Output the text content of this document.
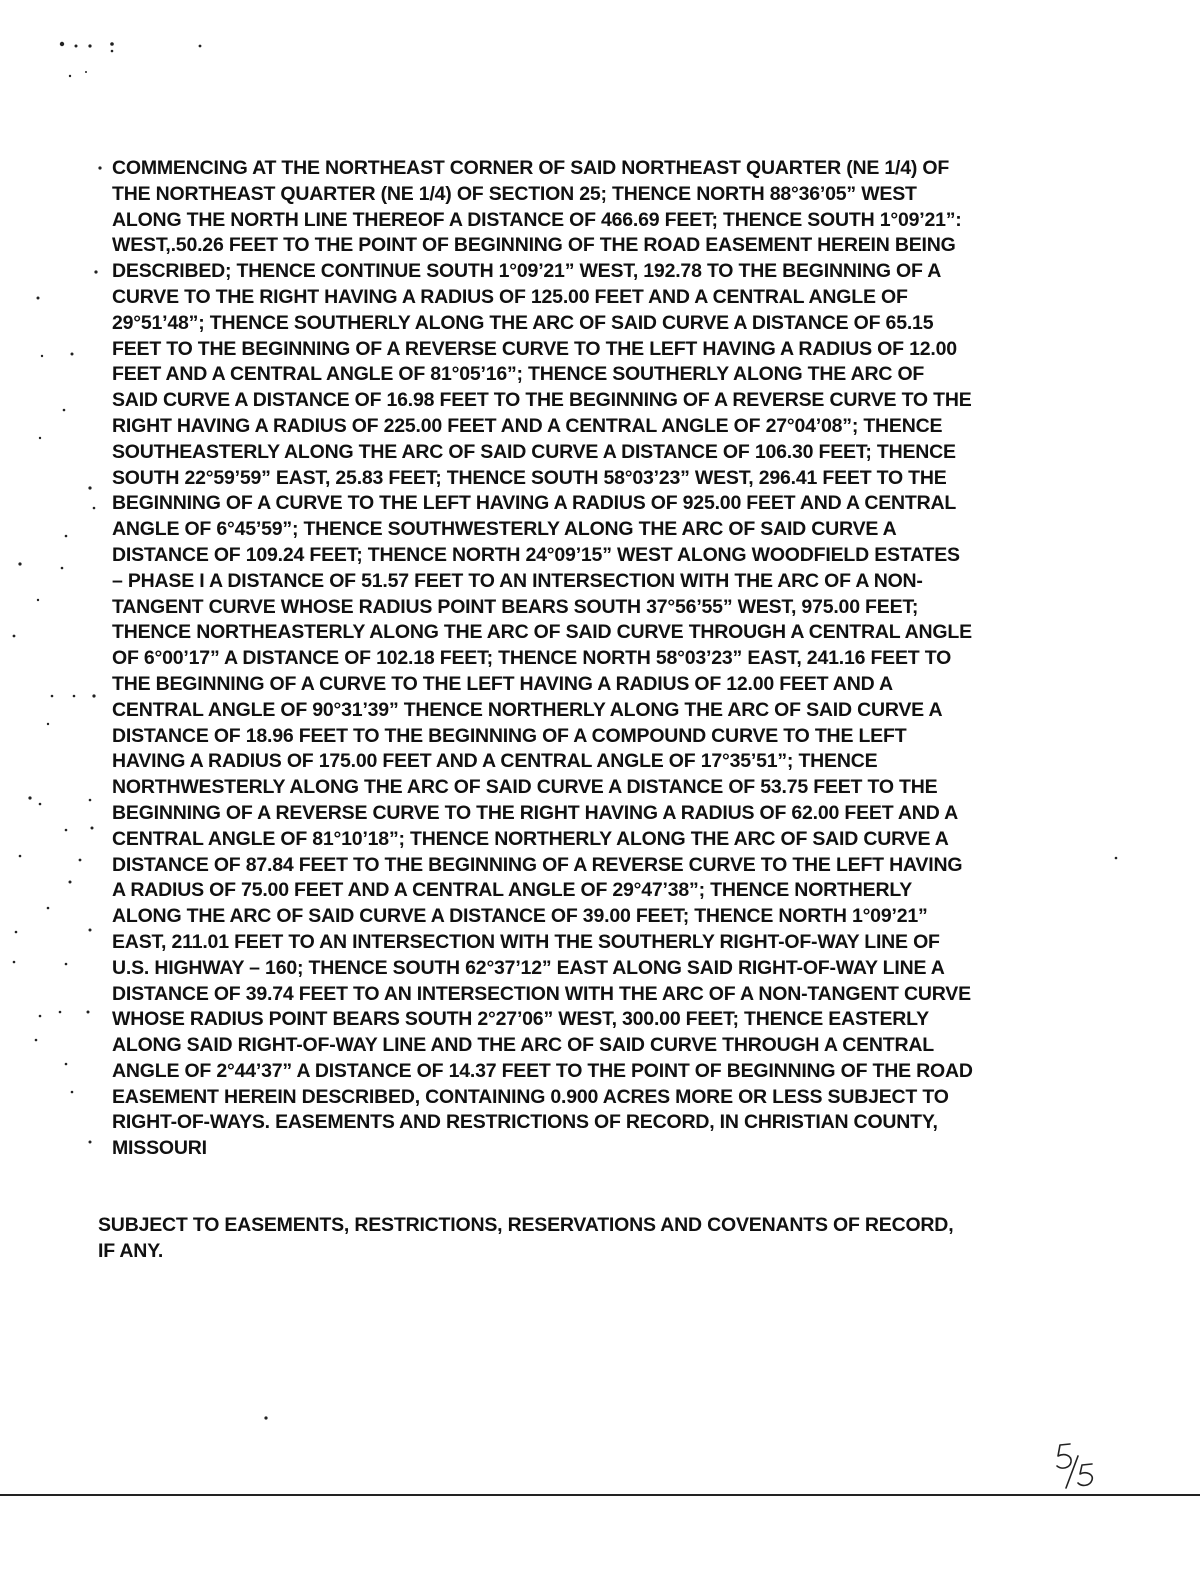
COMMENCING AT THE NORTHEAST CORNER OF SAID NORTHEAST QUARTER (NE 1/4) OF
THE NORTHEAST QUARTER (NE 1/4) OF SECTION 25; THENCE NORTH 88°36’05” WEST
ALONG THE NORTH LINE THEREOF A DISTANCE OF 466.69 FEET; THENCE SOUTH 1°09’21”:
WEST,.50.26 FEET TO THE POINT OF BEGINNING OF THE ROAD EASEMENT HEREIN BEING
DESCRIBED; THENCE CONTINUE SOUTH 1°09’21” WEST, 192.78 TO THE BEGINNING OF A
CURVE TO THE RIGHT HAVING A RADIUS OF 125.00 FEET AND A CENTRAL ANGLE OF
29°51’48”; THENCE SOUTHERLY ALONG THE ARC OF SAID CURVE A DISTANCE OF 65.15
FEET TO THE BEGINNING OF A REVERSE CURVE TO THE LEFT HAVING A RADIUS OF 12.00
FEET AND A CENTRAL ANGLE OF 81°05’16”; THENCE SOUTHERLY ALONG THE ARC OF
SAID CURVE A DISTANCE OF 16.98 FEET TO THE BEGINNING OF A REVERSE CURVE TO THE
RIGHT HAVING A RADIUS OF 225.00 FEET AND A CENTRAL ANGLE OF 27°04’08”; THENCE
SOUTHEASTERLY ALONG THE ARC OF SAID CURVE A DISTANCE OF 106.30 FEET; THENCE
SOUTH 22°59’59” EAST, 25.83 FEET; THENCE SOUTH 58°03’23” WEST, 296.41 FEET TO THE
BEGINNING OF A CURVE TO THE LEFT HAVING A RADIUS OF 925.00 FEET AND A CENTRAL
ANGLE OF 6°45’59”; THENCE SOUTHWESTERLY ALONG THE ARC OF SAID CURVE A
DISTANCE OF 109.24 FEET; THENCE NORTH 24°09’15” WEST ALONG WOODFIELD ESTATES
– PHASE I A DISTANCE OF 51.57 FEET TO AN INTERSECTION WITH THE ARC OF A NON-
TANGENT CURVE WHOSE RADIUS POINT BEARS SOUTH 37°56’55” WEST, 975.00 FEET;
THENCE NORTHEASTERLY ALONG THE ARC OF SAID CURVE THROUGH A CENTRAL ANGLE
OF 6°00’17” A DISTANCE OF 102.18 FEET; THENCE NORTH 58°03’23” EAST, 241.16 FEET TO
THE BEGINNING OF A CURVE TO THE LEFT HAVING A RADIUS OF 12.00 FEET AND A
CENTRAL ANGLE OF 90°31’39” THENCE NORTHERLY ALONG THE ARC OF SAID CURVE A
DISTANCE OF 18.96 FEET TO THE BEGINNING OF A COMPOUND CURVE TO THE LEFT
HAVING A RADIUS OF 175.00 FEET AND A CENTRAL ANGLE OF 17°35’51”; THENCE
NORTHWESTERLY ALONG THE ARC OF SAID CURVE A DISTANCE OF 53.75 FEET TO THE
BEGINNING OF A REVERSE CURVE TO THE RIGHT HAVING A RADIUS OF 62.00 FEET AND A
CENTRAL ANGLE OF 81°10’18”; THENCE NORTHERLY ALONG THE ARC OF SAID CURVE A
DISTANCE OF 87.84 FEET TO THE BEGINNING OF A REVERSE CURVE TO THE LEFT HAVING
A RADIUS OF 75.00 FEET AND A CENTRAL ANGLE OF 29°47’38”; THENCE NORTHERLY
ALONG THE ARC OF SAID CURVE A DISTANCE OF 39.00 FEET; THENCE NORTH 1°09’21”
EAST, 211.01 FEET TO AN INTERSECTION WITH THE SOUTHERLY RIGHT-OF-WAY LINE OF
U.S. HIGHWAY – 160; THENCE SOUTH 62°37’12” EAST ALONG SAID RIGHT-OF-WAY LINE A
DISTANCE OF 39.74 FEET TO AN INTERSECTION WITH THE ARC OF A NON-TANGENT CURVE
WHOSE RADIUS POINT BEARS SOUTH 2°27’06” WEST, 300.00 FEET; THENCE EASTERLY
ALONG SAID RIGHT-OF-WAY LINE AND THE ARC OF SAID CURVE THROUGH A CENTRAL
ANGLE OF 2°44’37” A DISTANCE OF 14.37 FEET TO THE POINT OF BEGINNING OF THE ROAD
EASEMENT HEREIN DESCRIBED, CONTAINING 0.900 ACRES MORE OR LESS SUBJECT TO
RIGHT-OF-WAYS. EASEMENTS AND RESTRICTIONS OF RECORD, IN CHRISTIAN COUNTY,
MISSOURI
SUBJECT TO EASEMENTS, RESTRICTIONS, RESERVATIONS AND COVENANTS OF RECORD,
IF ANY.
